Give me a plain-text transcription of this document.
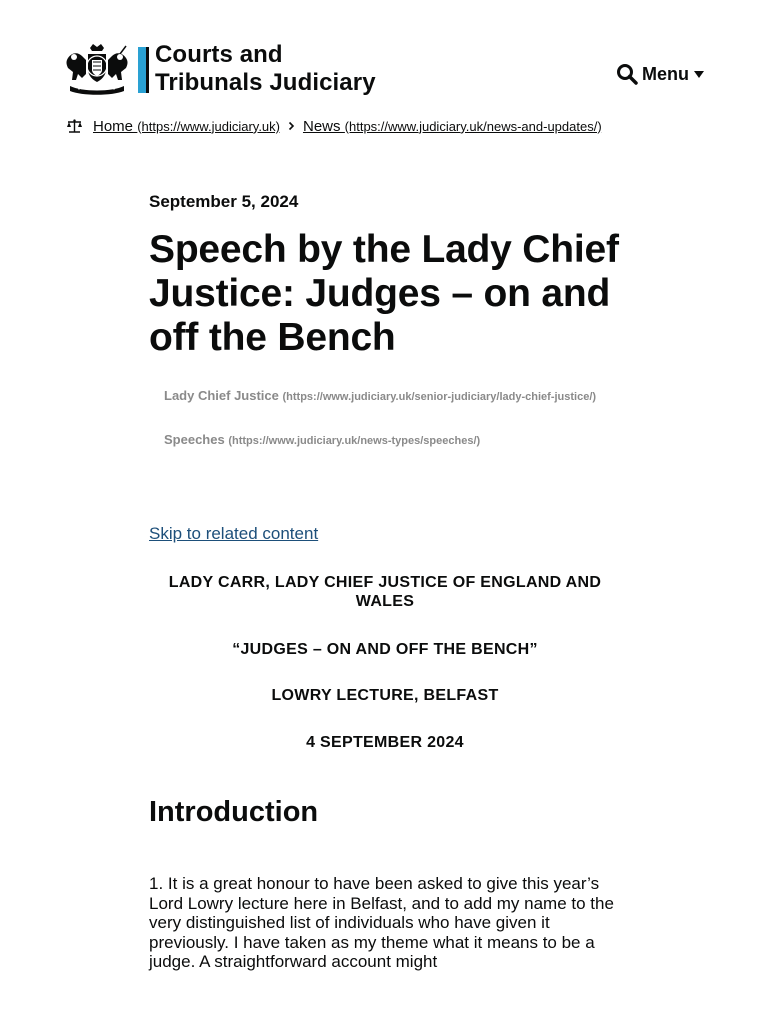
Courts and
Tribunals Judiciary	Menu
Home (https://www.judiciary.uk) News (https://www.judiciary.uk/news-and-updates/)

September 5, 2024

Speech by the Lady Chief Justice: Judges – on and off the Bench
Lady Chief Justice (https://www.judiciary.uk/senior-judiciary/lady-chief-justice/)
Speeches (https://www.judiciary.uk/news-types/speeches/)
Skip to related content

LADY CARR, LADY CHIEF JUSTICE OF ENGLAND AND WALES

“JUDGES – ON AND OFF THE BENCH”

LOWRY LECTURE, BELFAST

4 SEPTEMBER 2024

Introduction

1. It is a great honour to have been asked to give this year’s Lord Lowry lecture here in Belfast, and to add my name to the very distinguished list of individuals who have given it previously. I have taken as my theme what it means to be a judge. A straightforward account might
